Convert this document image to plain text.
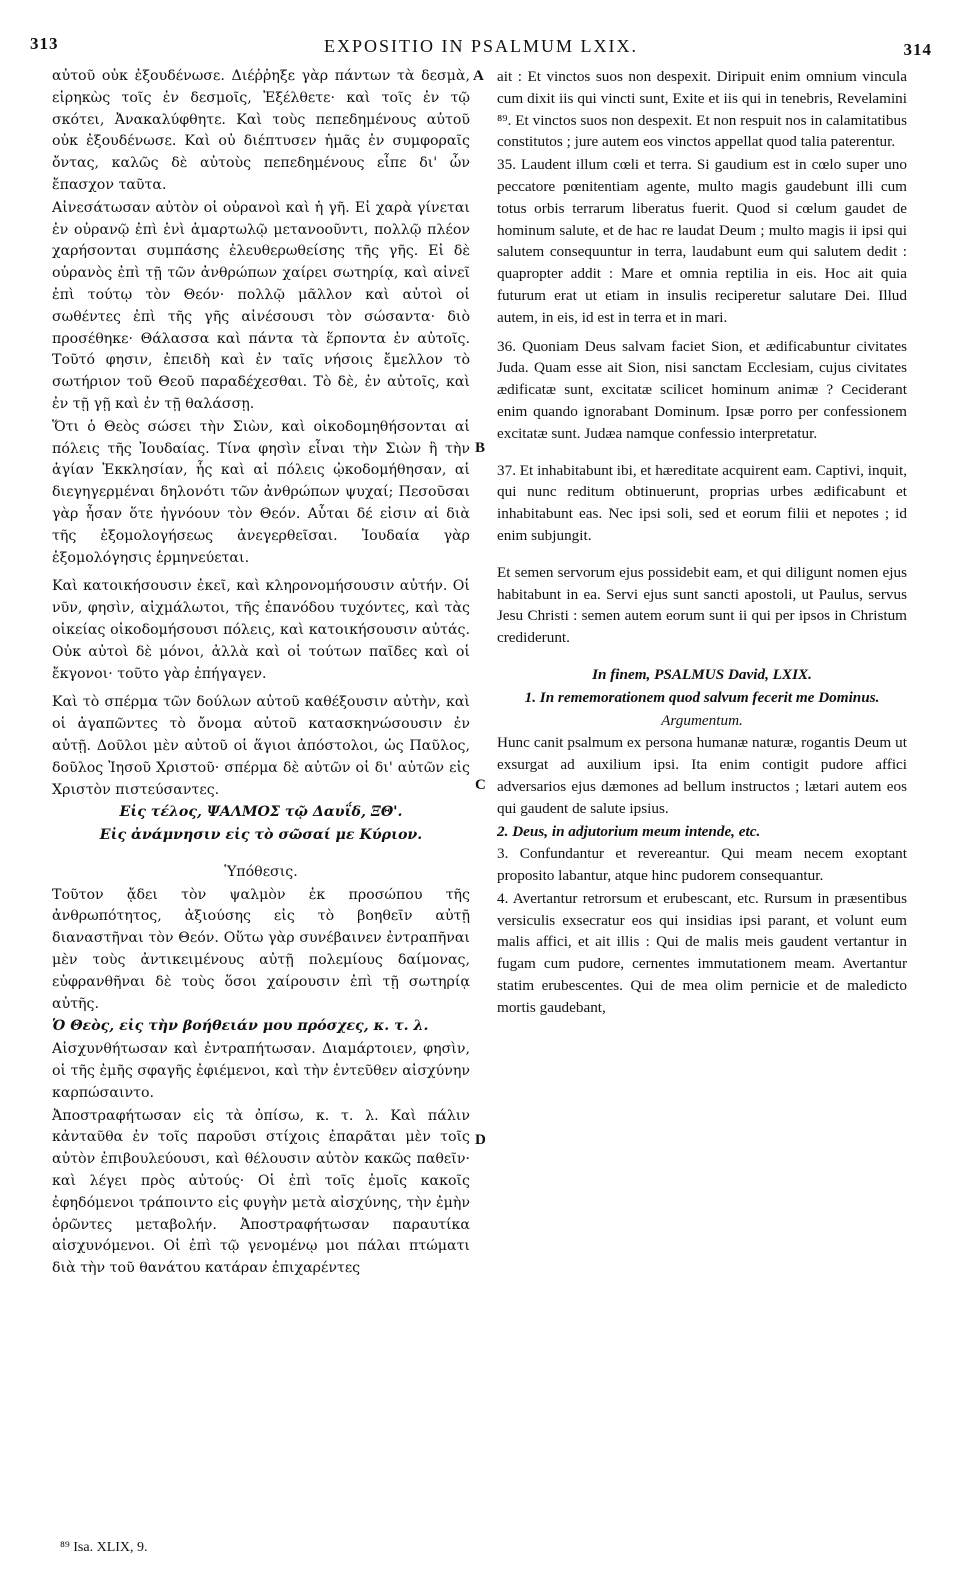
313	EXPOSITIO IN PSALMUM LXIX.	314

αὐτοῦ οὐκ ἐξουδένωσε. Διέῤῥηξε γὰρ πάντων τὰ δεσμὰ, εἰρηκὼς τοῖς ἐν δεσμοῖς, Ἐξέλθετε· καὶ τοῖς ἐν τῷ σκότει, Ἀνακαλύφθητε. Καὶ τοὺς πεπεδημένους αὐτοῦ οὐκ ἐξουδένωσε. Καὶ οὐ διέπτυσεν ἡμᾶς ἐν συμφοραῖς ὄντας, καλῶς δὲ αὐτοὺς πεπεδημένους εἶπε δι' ὧν ἔπασχον ταῦτα.

Αἰνεσάτωσαν αὐτὸν οἱ οὐρανοὶ καὶ ἡ γῆ. Εἰ χαρὰ γίνεται ἐν οὐρανῷ ἐπὶ ἑνὶ ἁμαρτωλῷ μετανοοῦντι, πολλῷ πλέον χαρήσονται συμπάσης ἐλευθερωθείσης τῆς γῆς. Εἰ δὲ οὐρανὸς ἐπὶ τῇ τῶν ἀνθρώπων χαίρει σωτηρίᾳ, καὶ αἰνεῖ ἐπὶ τούτῳ τὸν Θεόν· πολλῷ μᾶλλον καὶ αὐτοὶ οἱ σωθέντες ἐπὶ τῆς γῆς αἰνέσουσι τὸν σώσαντα· διὸ προσέθηκε· Θάλασσα καὶ πάντα τὰ ἕρποντα ἐν αὐτοῖς. Τοῦτό φησιν, ἐπειδὴ καὶ ἐν ταῖς νήσοις ἔμελλον τὸ σωτήριον τοῦ Θεοῦ παραδέχεσθαι. Τὸ δὲ, ἐν αὐτοῖς, καὶ ἐν τῇ γῇ καὶ ἐν τῇ θαλάσσῃ.

Ὅτι ὁ Θεὸς σώσει τὴν Σιὼν, καὶ οἰκοδομηθήσονται αἱ πόλεις τῆς Ἰουδαίας. Τίνα φησὶν εἶναι τὴν Σιὼν ἢ τὴν ἁγίαν Ἐκκλησίαν, ἧς καὶ αἱ πόλεις ᾠκοδομήθησαν, αἱ διεγηγερμέναι δηλονότι τῶν ἀνθρώπων ψυχαί; Πεσοῦσαι γὰρ ἦσαν ὅτε ἠγνόουν τὸν Θεόν. Αὗται δέ εἰσιν αἱ διὰ τῆς ἐξομολογήσεως ἀνεγερθεῖσαι. Ἰουδαία γὰρ ἐξομολόγησις ἑρμηνεύεται.

Καὶ κατοικήσουσιν ἐκεῖ, καὶ κληρονομήσουσιν αὐτήν. Οἱ νῦν, φησὶν, αἰχμάλωτοι, τῆς ἐπανόδου τυχόντες, καὶ τὰς οἰκείας οἰκοδομήσουσι πόλεις, καὶ κατοικήσουσιν αὐτάς. Οὐκ αὐτοὶ δὲ μόνοι, ἀλλὰ καὶ οἱ τούτων παῖδες καὶ οἱ ἔκγονοι· τοῦτο γὰρ ἐπήγαγεν.

Καὶ τὸ σπέρμα τῶν δούλων αὐτοῦ καθέξουσιν αὐτὴν, καὶ οἱ ἀγαπῶντες τὸ ὄνομα αὐτοῦ κατασκηνώσουσιν ἐν αὐτῇ. Δοῦλοι μὲν αὐτοῦ οἱ ἅγιοι ἀπόστολοι, ὡς Παῦλος, δοῦλος Ἰησοῦ Χριστοῦ· σπέρμα δὲ αὐτῶν οἱ δι' αὐτῶν εἰς Χριστὸν πιστεύσαντες.

Εἰς τέλος, ΨΑΛΜΟΣ τῷ Δαυΐδ, ΞΘ'.

Εἰς ἀνάμνησιν εἰς τὸ σῶσαί με Κύριον.

Ὑπόθεσις.

Τοῦτον ᾄδει τὸν ψαλμὸν ἐκ προσώπου τῆς ἀνθρωπότητος, ἀξιούσης εἰς τὸ βοηθεῖν αὐτῇ διαναστῆναι τὸν Θεόν. Οὕτω γὰρ συνέβαινεν ἐντραπῆναι μὲν τοὺς ἀντικειμένους αὐτῇ πολεμίους δαίμονας, εὐφρανθῆναι δὲ τοὺς ὅσοι χαίρουσιν ἐπὶ τῇ σωτηρίᾳ αὐτῆς.

Ὁ Θεὸς, εἰς τὴν βοήθειάν μου πρόσχες, κ. τ. λ.

Αἰσχυνθήτωσαν καὶ ἐντραπήτωσαν. Διαμάρτοιεν, φησὶν, οἱ τῆς ἐμῆς σφαγῆς ἐφιέμενοι, καὶ τὴν ἐντεῦθεν αἰσχύνην καρπώσαιντο.

Ἀποστραφήτωσαν εἰς τὰ ὀπίσω, κ. τ. λ. Καὶ πάλιν κἀνταῦθα ἐν τοῖς παροῦσι στίχοις ἐπαρᾶται μὲν τοῖς αὐτὸν ἐπιβουλεύουσι, καὶ θέλουσιν αὐτὸν κακῶς παθεῖν· καὶ λέγει πρὸς αὐτούς· Οἱ ἐπὶ τοῖς ἐμοῖς κακοῖς ἐφηδόμενοι τράποιντο εἰς φυγὴν μετὰ αἰσχύνης, τὴν ἐμὴν ὁρῶντες μεταβολήν. Ἀποστραφήτωσαν παραυτίκα αἰσχυνόμενοι. Οἱ ἐπὶ τῷ γενομένῳ μοι πάλαι πτώματι διὰ τὴν τοῦ θανάτου κατάραν ἐπιχαρέντες

ait : Et vinctos suos non despexit. Diripuit enim omnium vincula cum dixit iis qui vincti sunt, Exite et iis qui in tenebris, Revelamini ⁸⁹. Et vinctos suos non despexit. Et non respuit nos in calamitatibus constitutos ; jure autem eos vinctos appellat quod talia paterentur.

35. Laudent illum cœli et terra. Si gaudium est in cœlo super uno peccatore pœnitentiam agente, multo magis gaudebunt illi cum totus orbis terrarum liberatus fuerit. Quod si cœlum gaudet de hominum salute, et de hac re laudat Deum ; multo magis ii ipsi qui salutem consequuntur in terra, laudabunt eum qui salutem dedit : quapropter addit : Mare et omnia reptilia in eis. Hoc ait quia futurum erat ut etiam in insulis reciperetur salutare Dei. Illud autem, in eis, id est in terra et in mari.

36. Quoniam Deus salvam faciet Sion, et ædificabuntur civitates Juda. Quam esse ait Sion, nisi sanctam Ecclesiam, cujus civitates ædificatæ sunt, excitatæ scilicet hominum animæ ? Ceciderant enim quando ignorabant Dominum. Ipsæ porro per confessionem excitatæ sunt. Judæa namque confessio interpretatur.

37. Et inhabitabunt ibi, et hæreditate acquirent eam. Captivi, inquit, qui nunc reditum obtinuerunt, proprias urbes ædificabunt et inhabitabunt eas. Nec ipsi soli, sed et eorum filii et nepotes ; id enim subjungit.

Et semen servorum ejus possidebit eam, et qui diligunt nomen ejus habitabunt in ea. Servi ejus sunt sancti apostoli, ut Paulus, servus Jesu Christi : semen autem eorum sunt ii qui per ipsos in Christum crediderunt.

In finem, PSALMUS David, LXIX.

1. In rememorationem quod salvum fecerit me Dominus.

Argumentum.

Hunc canit psalmum ex persona humanæ naturæ, rogantis Deum ut exsurgat ad auxilium ipsi. Ita enim contigit pudore affici adversarios ejus dæmones ad bellum instructos ; lætari autem eos qui gaudent de salute ipsius.

2. Deus, in adjutorium meum intende, etc.

3. Confundantur et revereantur. Qui meam necem exoptant proposito labantur, atque hinc pudorem consequantur.

4. Avertantur retrorsum et erubescant, etc. Rursum in præsentibus versiculis exsecratur eos qui insidias ipsi parant, et volunt eum malis affici, et ait illis : Qui de malis meis gaudent vertantur in fugam cum pudore, cernentes immutationem meam. Avertantur statim erubescentes. Qui de mea olim pernicie et de maledicto mortis gaudebant,

A
B
C
D
⁸⁹ Isa. XLIX, 9.
